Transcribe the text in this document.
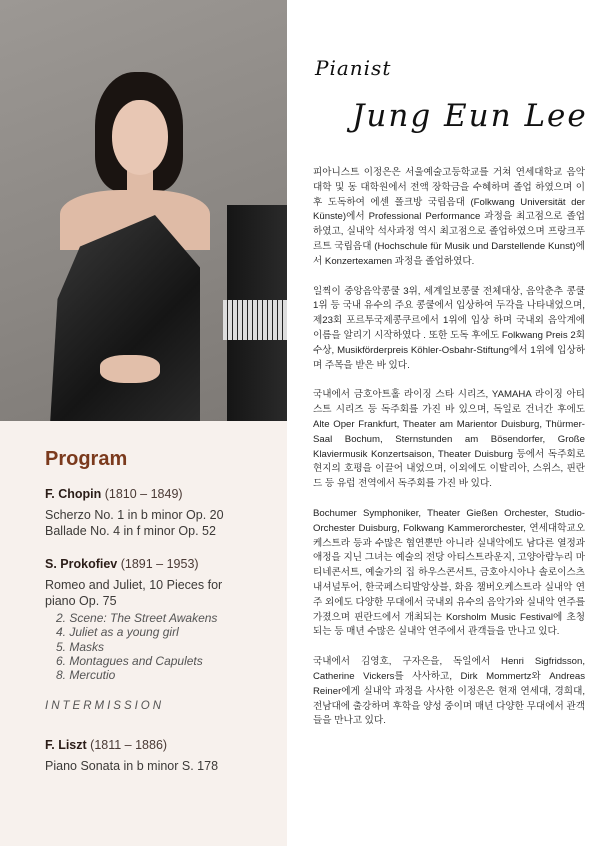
Program
F. Chopin (1810 – 1849)
Scherzo No. 1 in b minor Op. 20
Ballade No. 4 in f minor Op. 52
S. Prokofiev (1891 – 1953)
Romeo and Juliet, 10 Pieces for piano Op. 75
2. Scene: The Street Awakens
4. Juliet as a young girl
5. Masks
6. Montagues and Capulets
8. Mercutio
INTERMISSION
F. Liszt (1811 – 1886)
Piano Sonata in b minor S. 178
Pianist
Jung Eun Lee

피아니스트 이정은은 서울예술고등학교를 거쳐 연세대학교 음악 대학 및 동 대학원에서 전액 장학금을 수혜하며 졸업 하였으며 이후 도독하여 에센 폴크방 국립음대 (Folkwang Universität der Künste)에서 Professional Performance 과정을 최고점으로 졸업하였고, 실내악 석사과정 역시 최고점으로 졸업하였으며 프랑크푸르트 국립음대 (Hochschule für Musik und Darstellende Kunst)에서 Konzertexamen 과정을 졸업하였다.

일찍이 중앙음악콩쿨 3위, 세계일보콩쿨 전체대상, 음악춘추 콩쿨 1위 등 국내 유수의 주요 콩쿨에서 입상하여 두각을 나타내었으며, 제23회 포르투국제콩쿠르에서 1위에 입상 하며 국내외 음악계에 이름을 알리기 시작하였다 . 또한 도독 후에도 Folkwang Preis 2회 수상, Musikförderpreis Köhler-Osbahr-Stiftung에서 1위에 입상하며 주목을 받은 바 있다.

국내에서 금호아트홀 라이징 스타 시리즈, YAMAHA 라이징 아티스트 시리즈 등 독주회를 가진 바 있으며, 독일로 건너간 후에도 Alte Oper Frankfurt, Theater am Marientor Duisburg, Thürmer-Saal Bochum, Sternstunden am Bösendorfer, Große Klaviermusik Konzertsaison, Theater Duisburg 등에서 독주회로 현지의 호평을 이끌어 내었으며, 이외에도 이탈리아, 스위스, 핀란드 등 유럽 전역에서 독주회를 가진 바 있다.

Bochumer Symphoniker, Theater Gießen Orchester, Studio-Orchester Duisburg, Folkwang Kammerorchester, 연세대학교오케스트라 등과 수많은 협연뿐만 아니라 실내악에도 남다른 열정과 애정을 지닌 그녀는 예술의 전당 아티스트라운지, 고양아람누리 마티네콘서트, 예술가의 집 하우스콘서트, 금호아시아나 솔로이스츠 내셔널투어, 한국페스티발앙상블, 화음 챔버오케스트라 실내악 연주 외에도 다양한 무대에서 국내외 유수의 음악가와 실내악 연주를 가졌으며 핀란드에서 개최되는 Korsholm Music Festival에 초청되는 등 매년 수많은 실내악 연주에서 관객들을 만나고 있다.

국내에서 김영호, 구자은을, 독일에서 Henri Sigfridsson, Catherine Vickers를 사사하고, Dirk Mommertz와 Andreas Reiner에게 실내악 과정을 사사한 이정은은 현재 연세대, 경희대, 전남대에 출강하며 후학을 양성 중이며 매년 다양한 무대에서 관객들을 만나고 있다.
